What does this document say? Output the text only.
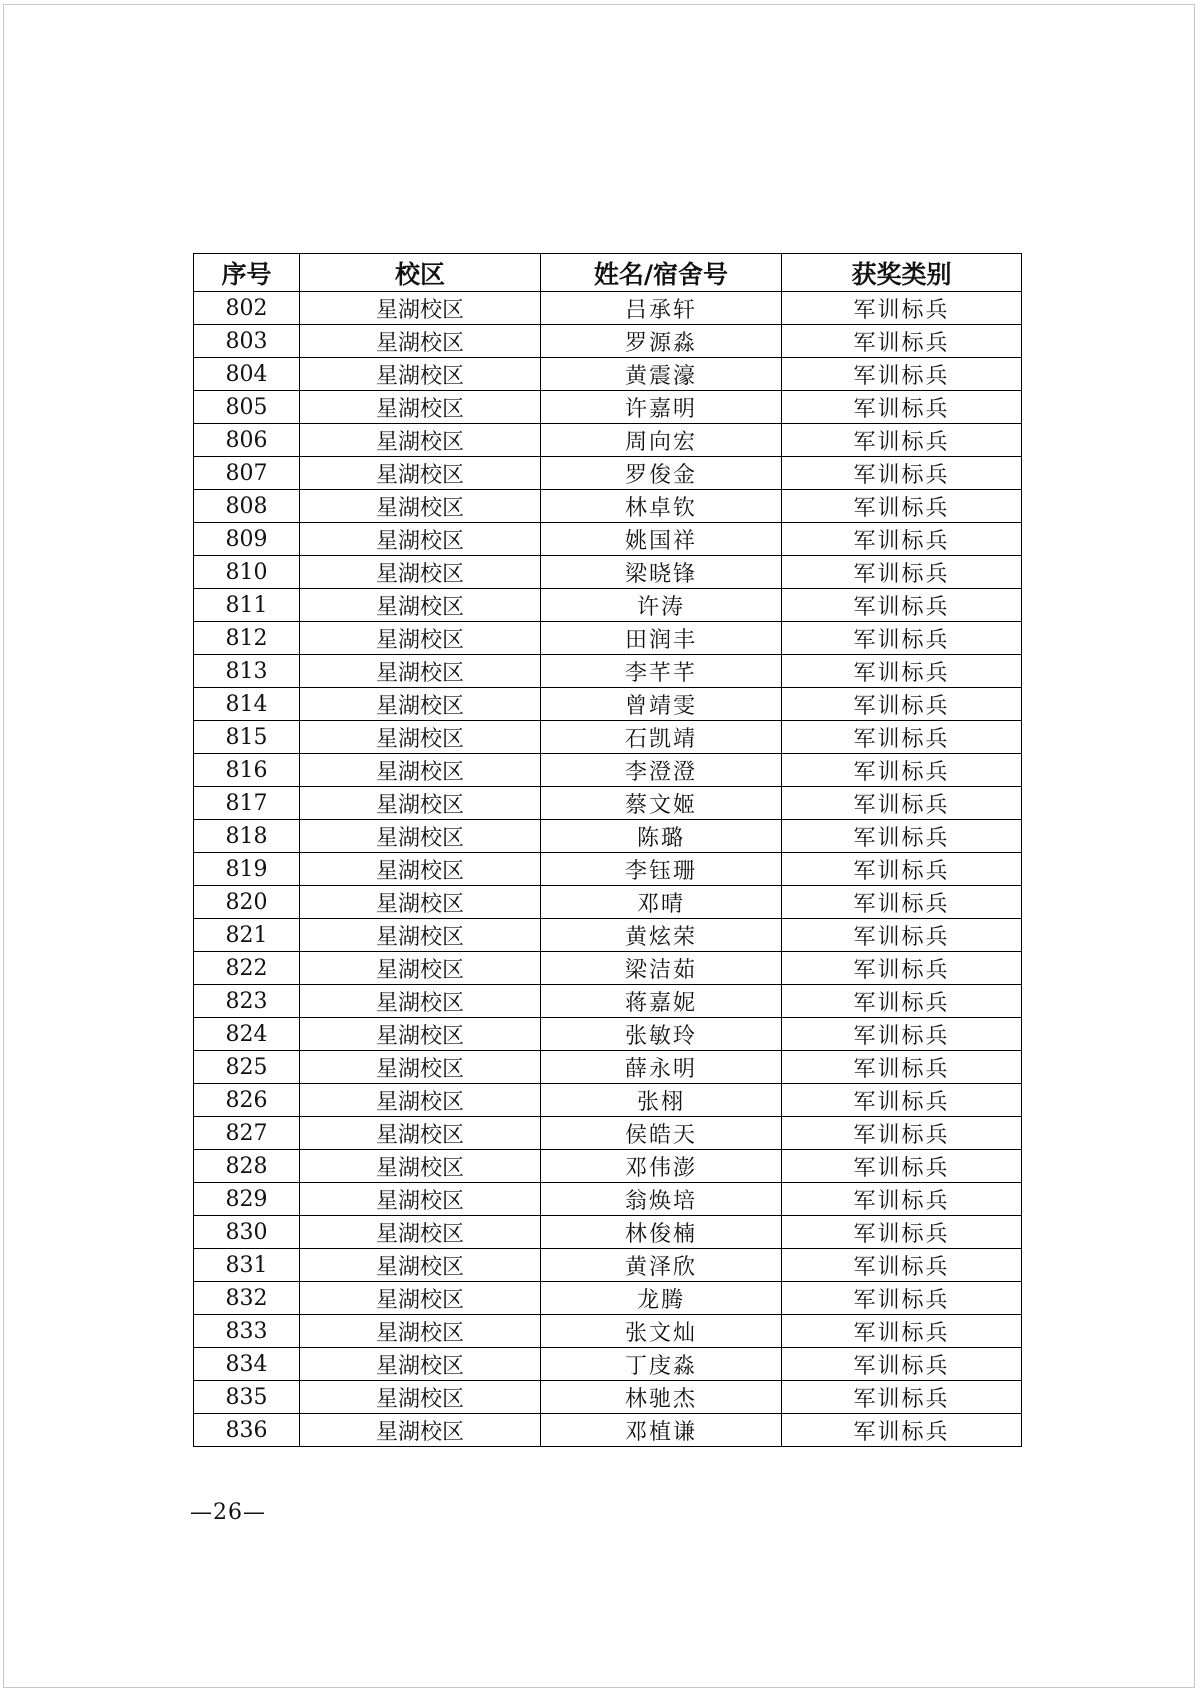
序号	校区	姓名/宿舍号	获奖类别
802	星湖校区	吕承轩	军训标兵
803	星湖校区	罗源淼	军训标兵
804	星湖校区	黄震濠	军训标兵
805	星湖校区	许嘉明	军训标兵
806	星湖校区	周向宏	军训标兵
807	星湖校区	罗俊金	军训标兵
808	星湖校区	林卓钦	军训标兵
809	星湖校区	姚国祥	军训标兵
810	星湖校区	梁晓锋	军训标兵
811	星湖校区	许涛	军训标兵
812	星湖校区	田润丰	军训标兵
813	星湖校区	李芊芊	军训标兵
814	星湖校区	曾靖雯	军训标兵
815	星湖校区	石凯靖	军训标兵
816	星湖校区	李澄澄	军训标兵
817	星湖校区	蔡文姬	军训标兵
818	星湖校区	陈璐	军训标兵
819	星湖校区	李钰珊	军训标兵
820	星湖校区	邓晴	军训标兵
821	星湖校区	黄炫荣	军训标兵
822	星湖校区	梁洁茹	军训标兵
823	星湖校区	蒋嘉妮	军训标兵
824	星湖校区	张敏玲	军训标兵
825	星湖校区	薛永明	军训标兵
826	星湖校区	张栩	军训标兵
827	星湖校区	侯皓天	军训标兵
828	星湖校区	邓伟澎	军训标兵
829	星湖校区	翁焕培	军训标兵
830	星湖校区	林俊楠	军训标兵
831	星湖校区	黄泽欣	军训标兵
832	星湖校区	龙腾	军训标兵
833	星湖校区	张文灿	军训标兵
834	星湖校区	丁庋淼	军训标兵
835	星湖校区	林驰杰	军训标兵
836	星湖校区	邓植谦	军训标兵
—26—
